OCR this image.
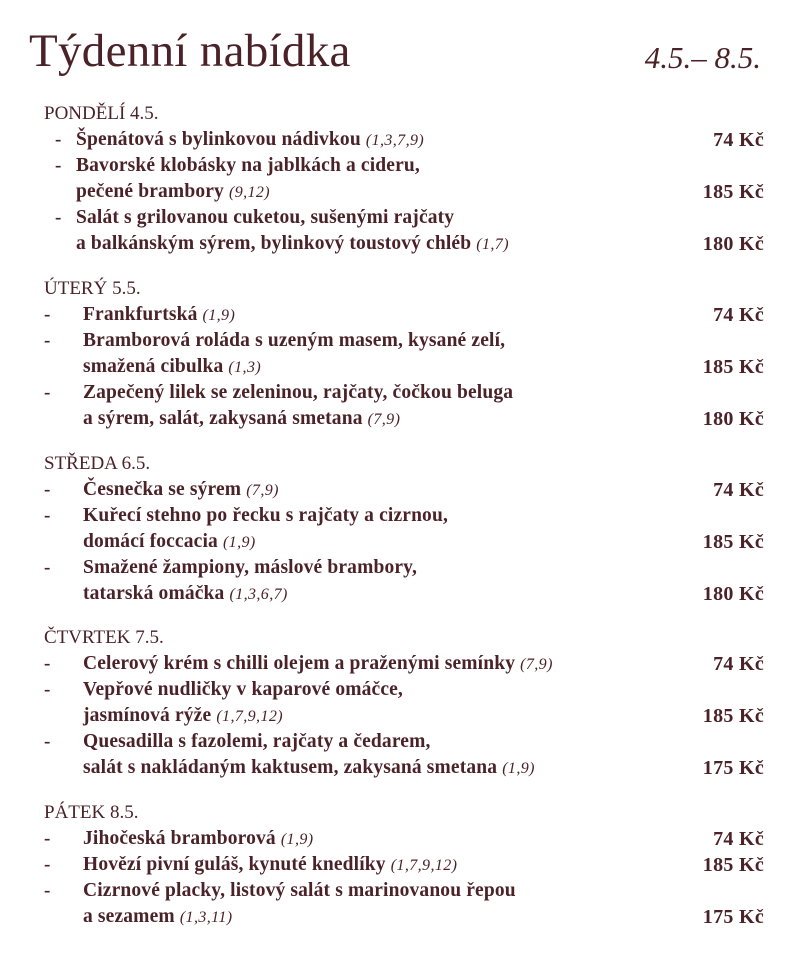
Týdenní nabídka	4.5.– 8.5.
PONDĚLÍ 4.5.
- Špenátová s bylinkovou nádivkou (1,3,7,9)	74 Kč
- Bavorské klobásky na jablkách a cideru,
pečené brambory (9,12)	185 Kč
- Salát s grilovanou cuketou, sušenými rajčaty
a balkánským sýrem, bylinkový toustový chléb (1,7)	180 Kč
ÚTERÝ 5.5.
- Frankfurtská (1,9)	74 Kč
- Bramborová roláda s uzeným masem, kysané zelí,
smažená cibulka (1,3)	185 Kč
- Zapečený lilek se zeleninou, rajčaty, čočkou beluga
a sýrem, salát, zakysaná smetana (7,9)	180 Kč
STŘEDA 6.5.
- Česnečka se sýrem (7,9)	74 Kč
- Kuřecí stehno po řecku s rajčaty a cizrnou,
domácí foccacia (1,9)	185 Kč
- Smažené žampiony, máslové brambory,
tatarská omáčka (1,3,6,7)	180 Kč
ČTVRTEK 7.5.
- Celerový krém s chilli olejem a praženými semínky (7,9)	74 Kč
- Vepřové nudličky v kaparové omáčce,
jasmínová rýže (1,7,9,12)	185 Kč
- Quesadilla s fazolemi, rajčaty a čedarem,
salát s nakládaným kaktusem, zakysaná smetana (1,9)	175 Kč
PÁTEK 8.5.
- Jihočeská bramborová (1,9)	74 Kč
- Hovězí pivní guláš, kynuté knedlíky (1,7,9,12)	185 Kč
- Cizrnové placky, listový salát s marinovanou řepou
a sezamem (1,3,11)	175 Kč
